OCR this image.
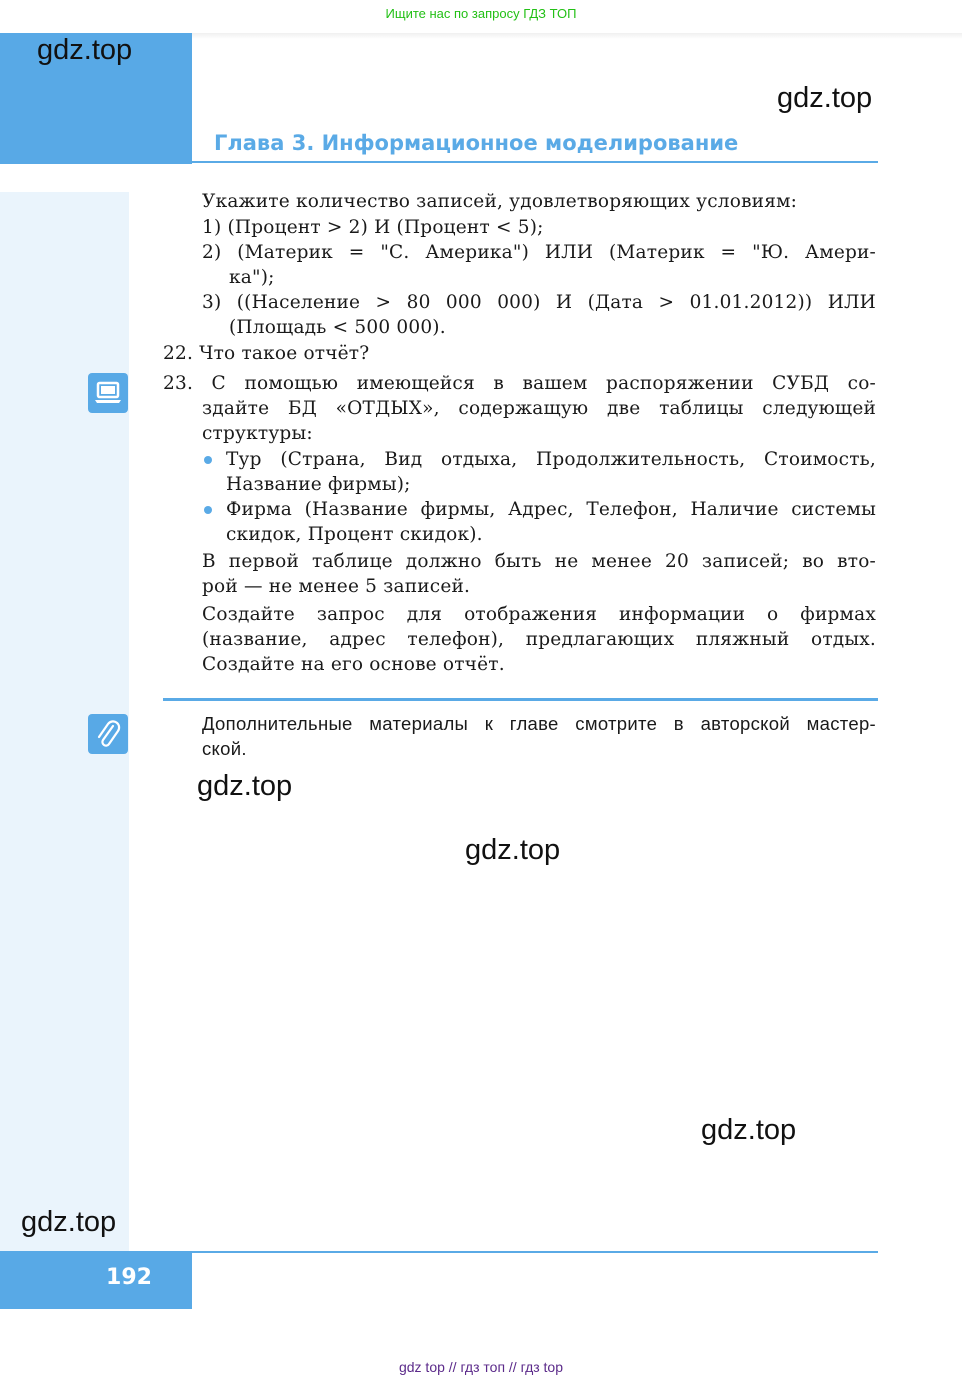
Ищите нас по запросу ГДЗ ТОП
gdz.top
gdz.top
Глава 3. Информационное моделирование
Укажите количество записей, удовлетворяющих условиям:
1) (Процент > 2) И (Процент < 5);
2) (Материк = "С. Америка") ИЛИ (Материк = "Ю. Амери-
ка");
3) ((Население > 80 000 000) И (Дата > 01.01.2012)) ИЛИ
(Площадь < 500 000).
22. Что такое отчёт?
23. С помощью имеющейся в вашем распоряжении СУБД со-
здайте БД «ОТДЫХ», содержащую две таблицы следующей
структуры:
Тур (Страна, Вид отдыха, Продолжительность, Стоимость,
Название фирмы);
Фирма (Название фирмы, Адрес, Телефон, Наличие системы
скидок, Процент скидок).
В первой таблице должно быть не менее 20 записей; во вто-
рой — не менее 5 записей.
Создайте запрос для отображения информации о фирмах
(название, адрес телефон), предлагающих пляжный отдых.
Создайте на его основе отчёт.
Дополнительные материалы к главе смотрите в авторской мастер-
ской.
gdz.top
gdz.top
gdz.top
gdz.top
192
gdz top // гдз топ // гдз top
